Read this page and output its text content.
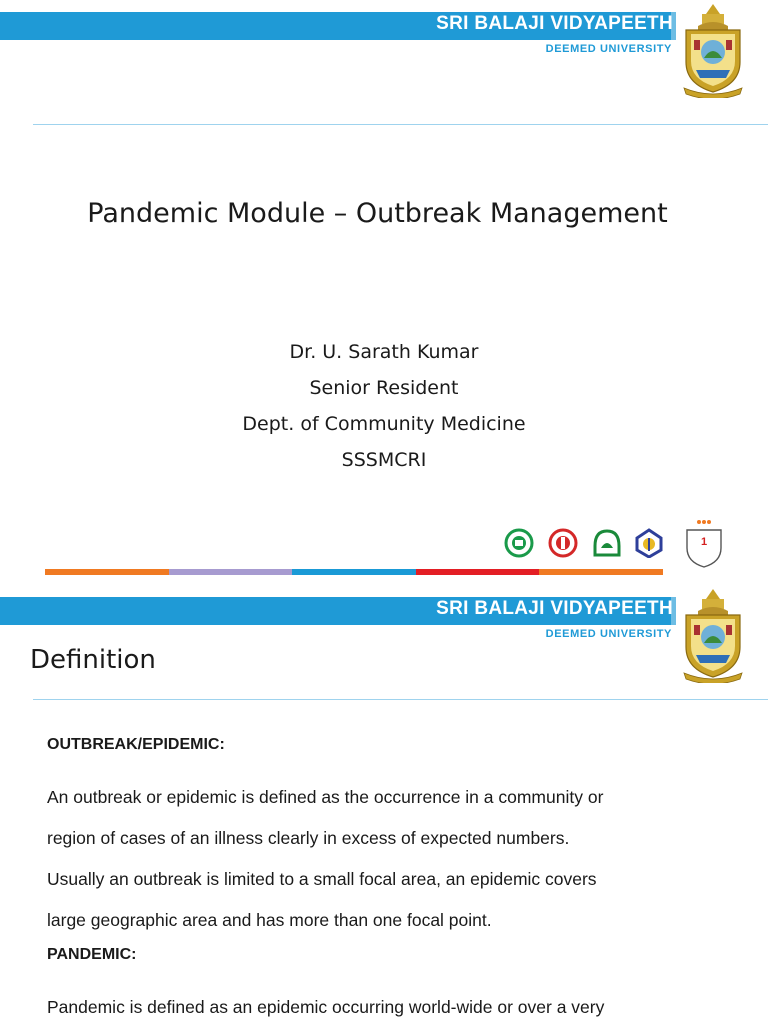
SRI BALAJI VIDYAPEETH
DEEMED UNIVERSITY
Pandemic Module – Outbreak Management
Dr. U. Sarath Kumar
Senior Resident
Dept. of Community Medicine
SSSMCRI
1
SRI BALAJI VIDYAPEETH
DEEMED UNIVERSITY
Definition
OUTBREAK/EPIDEMIC:
An outbreak or epidemic is defined as the occurrence in a community or
region of cases of an illness clearly in excess of expected numbers.
Usually an outbreak is limited to a small focal area, an epidemic covers
large geographic area and has more than one focal point.
PANDEMIC:
Pandemic is defined as an epidemic occurring world-wide or over a very
